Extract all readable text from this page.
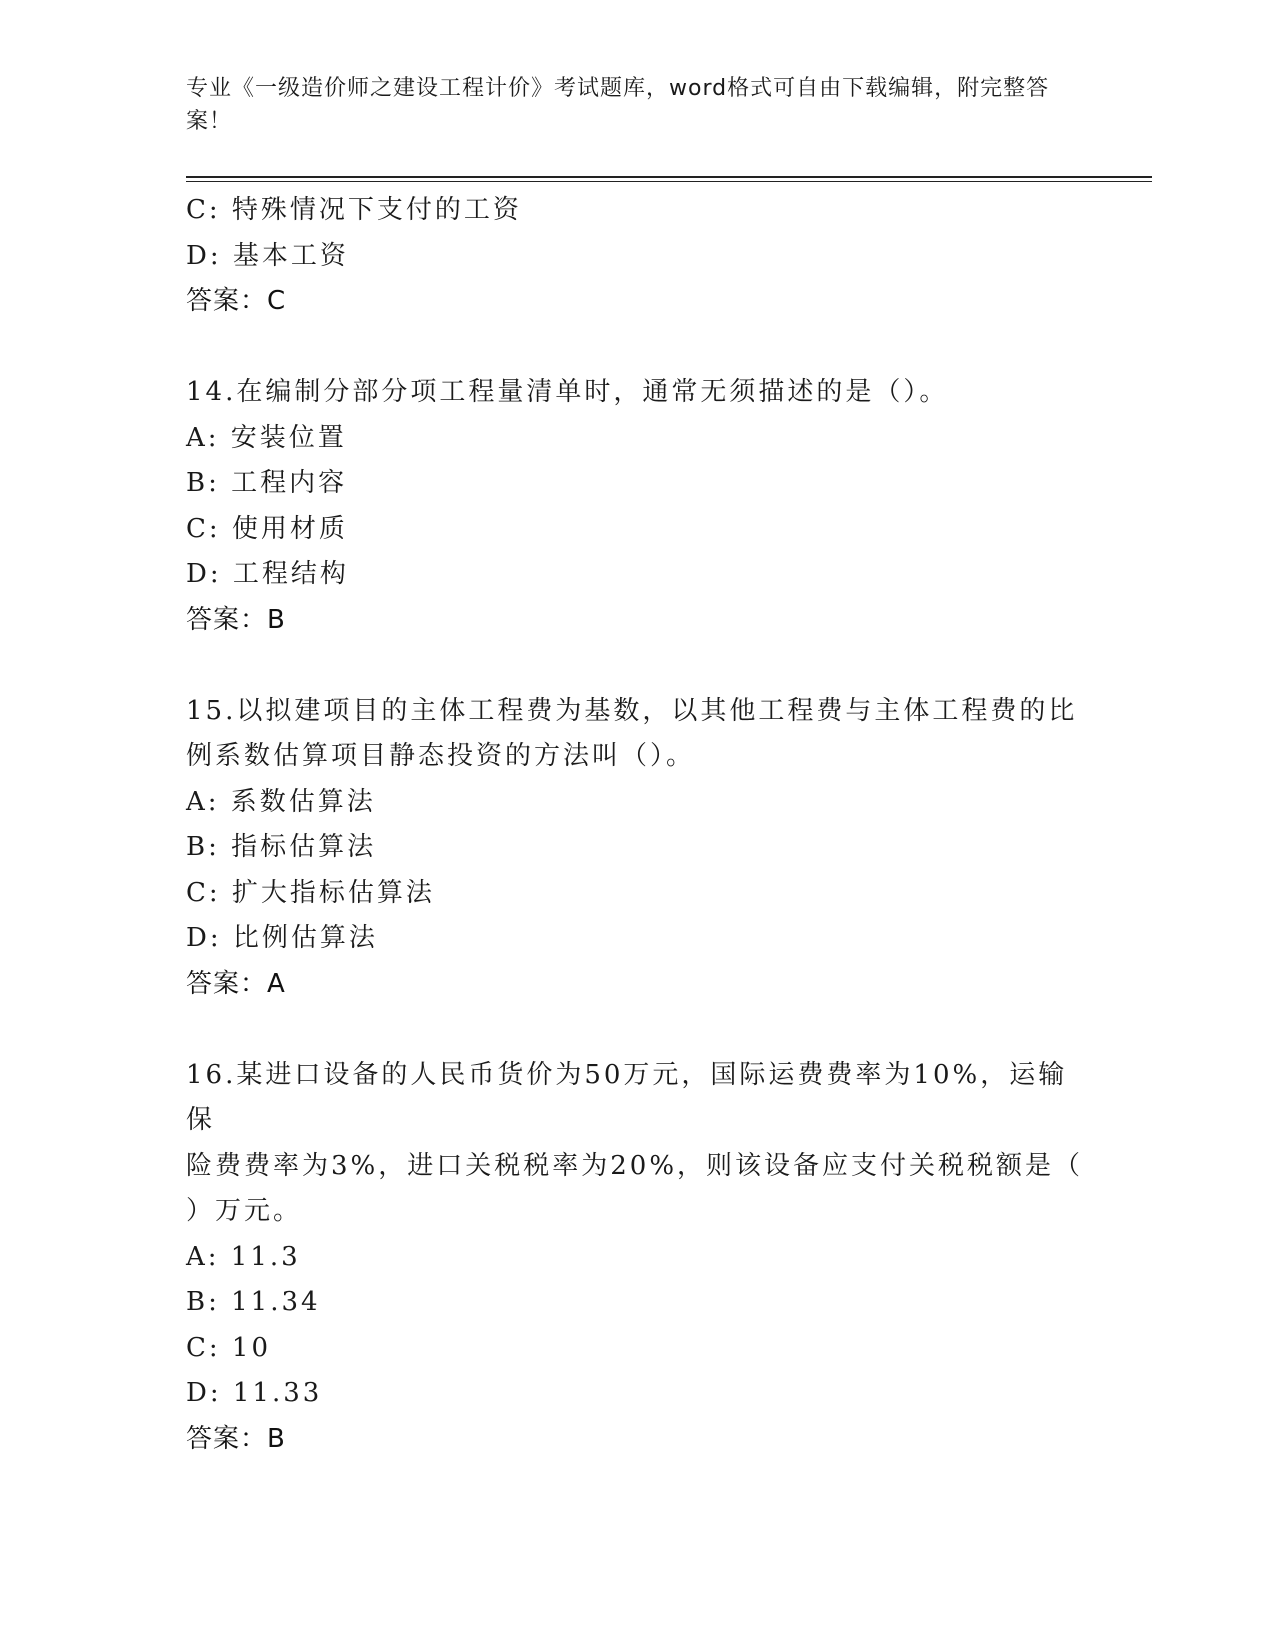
专业《一级造价师之建设工程计价》考试题库，word格式可自由下载编辑，附完整答案！
C: 特殊情况下支付的工资
D: 基本工资
答案：C
14.在编制分部分项工程量清单时，通常无须描述的是（）。
A: 安装位置
B: 工程内容
C: 使用材质
D: 工程结构
答案：B
15.以拟建项目的主体工程费为基数，以其他工程费与主体工程费的比
例系数估算项目静态投资的方法叫（）。
A: 系数估算法
B: 指标估算法
C: 扩大指标估算法
D: 比例估算法
答案：A
16.某进口设备的人民币货价为50万元，国际运费费率为10%，运输保
险费费率为3%，进口关税税率为20%，则该设备应支付关税税额是（
）万元。
A: 11.3
B: 11.34
C: 10
D: 11.33
答案：B
